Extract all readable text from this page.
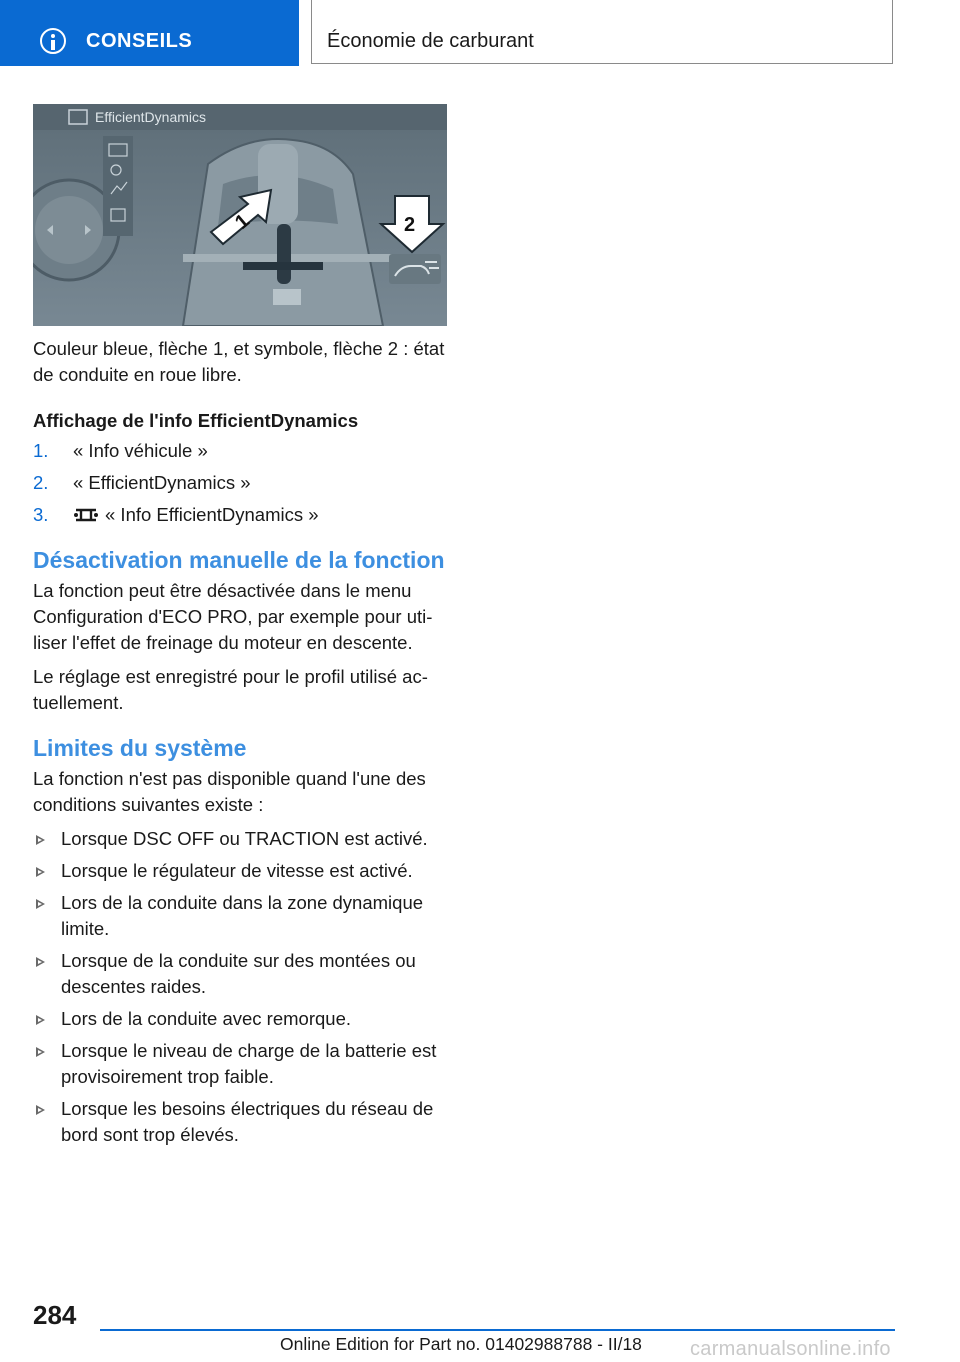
CONSEILS	Économie de carburant
EfficientDynamics
1	2

Couleur bleue, flèche 1, et symbole, flèche 2 : état de conduite en roue libre.

Affichage de l'info EfficientDynamics

1.	« Info véhicule »
2.	« EfficientDynamics »
3.	« Info EfficientDynamics »
Désactivation manuelle de la fonction

La fonction peut être désactivée dans le menu Configuration d'ECO PRO, par exemple pour uti-liser l'effet de freinage du moteur en descente.

Le réglage est enregistré pour le profil utilisé ac-tuellement.

Limites du système

La fonction n'est pas disponible quand l'une des conditions suivantes existe :

Lorsque DSC OFF ou TRACTION est activé.
Lorsque le régulateur de vitesse est activé.
Lors de la conduite dans la zone dynamique limite.
Lorsque de la conduite sur des montées ou descentes raides.
Lors de la conduite avec remorque.
Lorsque le niveau de charge de la batterie est provisoirement trop faible.
Lorsque les besoins électriques du réseau de bord sont trop élevés.
284
Online Edition for Part no. 01402988788 - II/18 carmanualsonline.info
